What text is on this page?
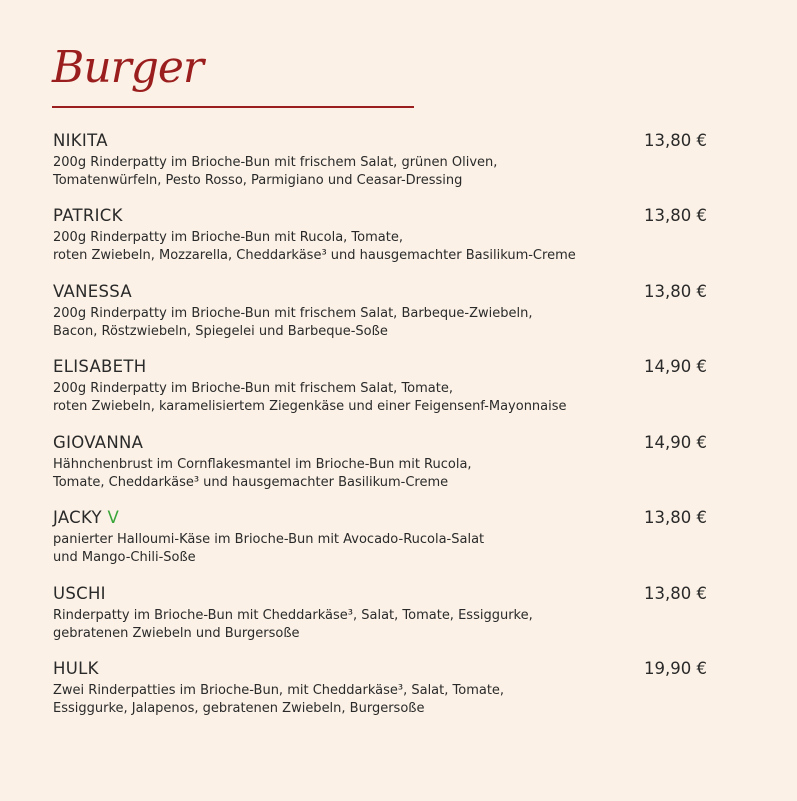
Burger
NIKITA	13,80 €
200g Rinderpatty im Brioche-Bun mit frischem Salat, grünen Oliven,
Tomatenwürfeln, Pesto Rosso, Parmigiano und Ceasar-Dressing
PATRICK	13,80 €
200g Rinderpatty im Brioche-Bun mit Rucola, Tomate,
roten Zwiebeln, Mozzarella, Cheddarkäse³ und hausgemachter Basilikum-Creme
VANESSA	13,80 €
200g Rinderpatty im Brioche-Bun mit frischem Salat, Barbeque-Zwiebeln,
Bacon, Röstzwiebeln, Spiegelei und Barbeque-Soße
ELISABETH	14,90 €
200g Rinderpatty im Brioche-Bun mit frischem Salat, Tomate,
roten Zwiebeln, karamelisiertem Ziegenkäse und einer Feigensenf-Mayonnaise
GIOVANNA	14,90 €
Hähnchenbrust im Cornflakesmantel im Brioche-Bun mit Rucola,
Tomate, Cheddarkäse³ und hausgemachter Basilikum-Creme
JACKY V	13,80 €
panierter Halloumi-Käse im Brioche-Bun mit Avocado-Rucola-Salat
und Mango-Chili-Soße
USCHI	13,80 €
Rinderpatty im Brioche-Bun mit Cheddarkäse³, Salat, Tomate, Essiggurke,
gebratenen Zwiebeln und Burgersoße
HULK	19,90 €
Zwei Rinderpatties im Brioche-Bun, mit Cheddarkäse³, Salat, Tomate,
Essiggurke, Jalapenos, gebratenen Zwiebeln, Burgersoße
